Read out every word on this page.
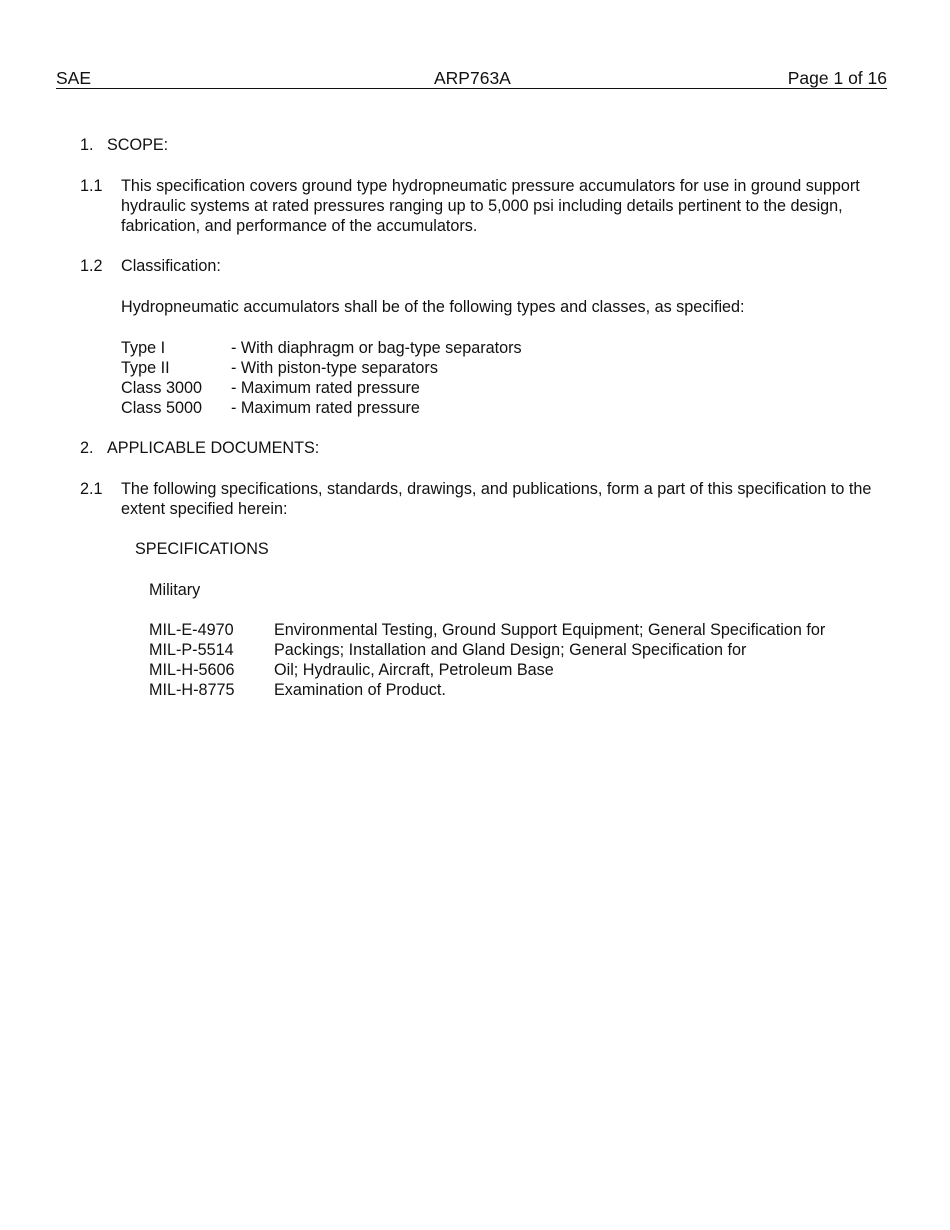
SAE	ARP763A	Page 1 of 16
1. SCOPE:
1.1 This specification covers ground type hydropneumatic pressure accumulators for use in ground support hydraulic systems at rated pressures ranging up to 5,000 psi including details pertinent to the design, fabrication, and performance of the accumulators.
1.2 Classification:
Hydropneumatic accumulators shall be of the following types and classes, as specified:
Type I	- With diaphragm or bag-type separators
Type II	- With piston-type separators
Class 3000 - Maximum rated pressure
Class 5000 - Maximum rated pressure
2. APPLICABLE DOCUMENTS:
2.1 The following specifications, standards, drawings, and publications, form a part of this specification to the extent specified herein:
SPECIFICATIONS
Military
MIL-E-4970 Environmental Testing, Ground Support Equipment; General Specification for
MIL-P-5514 Packings; Installation and Gland Design; General Specification for
MIL-H-5606 Oil; Hydraulic, Aircraft, Petroleum Base
MIL-H-8775 Examination of Product.
